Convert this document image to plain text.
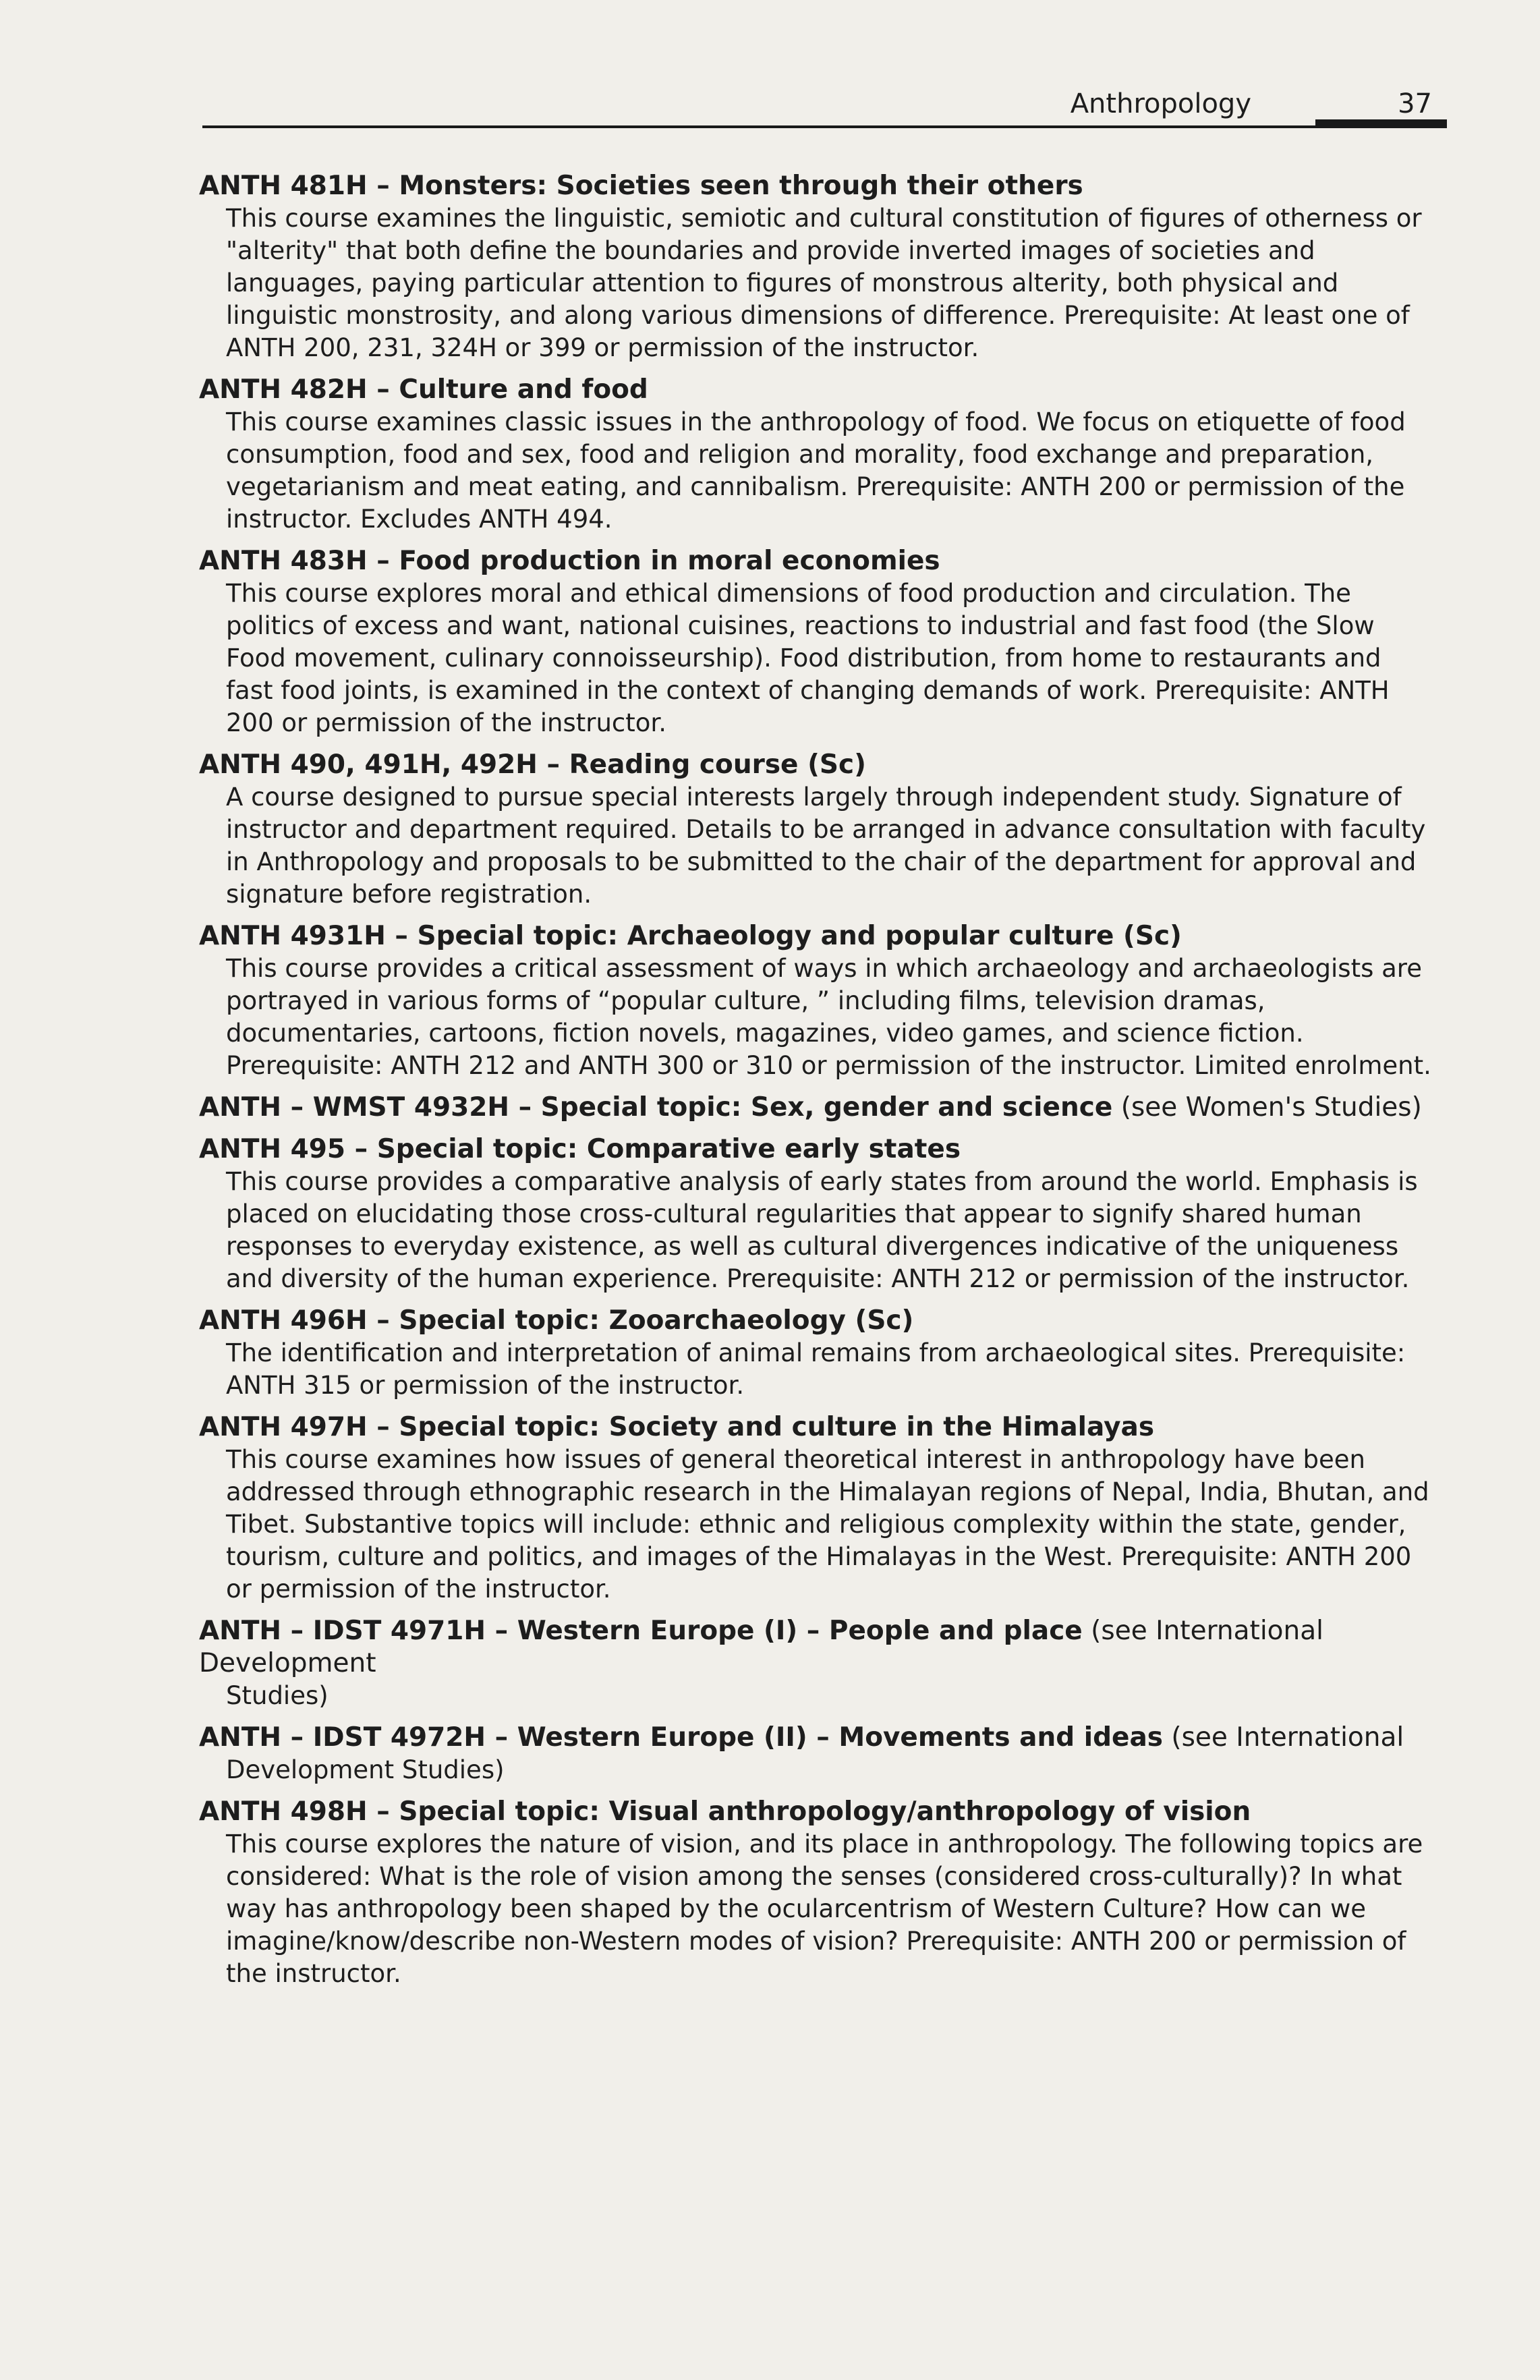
Anthropology	37

ANTH 481H – Monsters: Societies seen through their others

This course examines the linguistic, semiotic and cultural constitution of figures of otherness or "alterity" that both define the boundaries and provide inverted images of societies and languages, paying particular attention to figures of monstrous alterity, both physical and linguistic monstrosity, and along various dimensions of difference. Prerequisite: At least one of ANTH 200, 231, 324H or 399 or permission of the instructor.

ANTH 482H – Culture and food

This course examines classic issues in the anthropology of food. We focus on etiquette of food consumption, food and sex, food and religion and morality, food exchange and preparation, vegetarianism and meat eating, and cannibalism. Prerequisite: ANTH 200 or permission of the instructor. Excludes ANTH 494.

ANTH 483H – Food production in moral economies

This course explores moral and ethical dimensions of food production and circulation. The politics of excess and want, national cuisines, reactions to industrial and fast food (the Slow Food movement, culinary connoisseurship). Food distribution, from home to restaurants and fast food joints, is examined in the context of changing demands of work. Prerequisite: ANTH 200 or permission of the instructor.

ANTH 490, 491H, 492H – Reading course (Sc)

A course designed to pursue special interests largely through independent study. Signature of instructor and department required. Details to be arranged in advance consultation with faculty in Anthropology and proposals to be submitted to the chair of the department for approval and signature before registration.

ANTH 4931H – Special topic: Archaeology and popular culture (Sc)

This course provides a critical assessment of ways in which archaeology and archaeologists are portrayed in various forms of “popular culture, ” including films, television dramas, documentaries, cartoons, fiction novels, magazines, video games, and science fiction. Prerequisite: ANTH 212 and ANTH 300 or 310 or permission of the instructor. Limited enrolment.

ANTH – WMST 4932H – Special topic: Sex, gender and science (see Women's Studies)

ANTH 495 – Special topic: Comparative early states

This course provides a comparative analysis of early states from around the world. Emphasis is placed on elucidating those cross-cultural regularities that appear to signify shared human responses to everyday existence, as well as cultural divergences indicative of the uniqueness and diversity of the human experience. Prerequisite: ANTH 212 or permission of the instructor.

ANTH 496H – Special topic: Zooarchaeology (Sc)

The identification and interpretation of animal remains from archaeological sites. Prerequisite: ANTH 315 or permission of the instructor.

ANTH 497H – Special topic: Society and culture in the Himalayas

This course examines how issues of general theoretical interest in anthropology have been addressed through ethnographic research in the Himalayan regions of Nepal, India, Bhutan, and Tibet. Substantive topics will include: ethnic and religious complexity within the state, gender, tourism, culture and politics, and images of the Himalayas in the West. Prerequisite: ANTH 200 or permission of the instructor.

ANTH – IDST 4971H – Western Europe (I) – People and place (see International Development

Studies)

ANTH – IDST 4972H – Western Europe (II) – Movements and ideas (see International

Development Studies)

ANTH 498H – Special topic: Visual anthropology/anthropology of vision

This course explores the nature of vision, and its place in anthropology. The following topics are considered: What is the role of vision among the senses (considered cross-culturally)? In what way has anthropology been shaped by the ocularcentrism of Western Culture? How can we imagine/know/describe non-Western modes of vision? Prerequisite: ANTH 200 or permission of the instructor.
